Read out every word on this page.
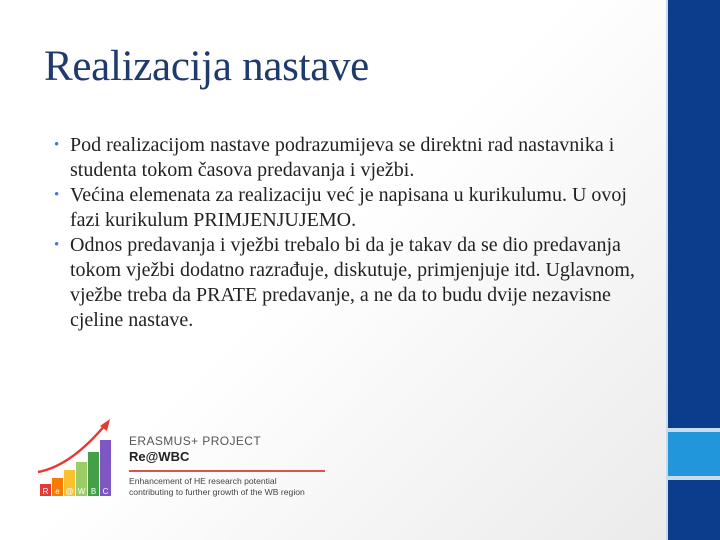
Realizacija nastave
• Pod realizacijom nastave podrazumijeva se direktni rad nastavnika i studenta tokom časova predavanja i vježbi.
• Većina elemenata za realizaciju već je napisana u kurikulumu. U ovoj fazi kurikulum PRIMJENJUJEMO.
• Odnos predavanja i vježbi trebalo bi da je takav da se dio predavanja tokom vježbi dodatno razrađuje, diskutuje, primjenjuje itd. Uglavnom, vježbe treba da PRATE predavanje, a ne da to budu dvije nezavisne cjeline nastave.
R e @ W B C
ERASMUS+ PROJECT
Re@WBC
Enhancement of HE research potential
contributing to further growth of the WB region
